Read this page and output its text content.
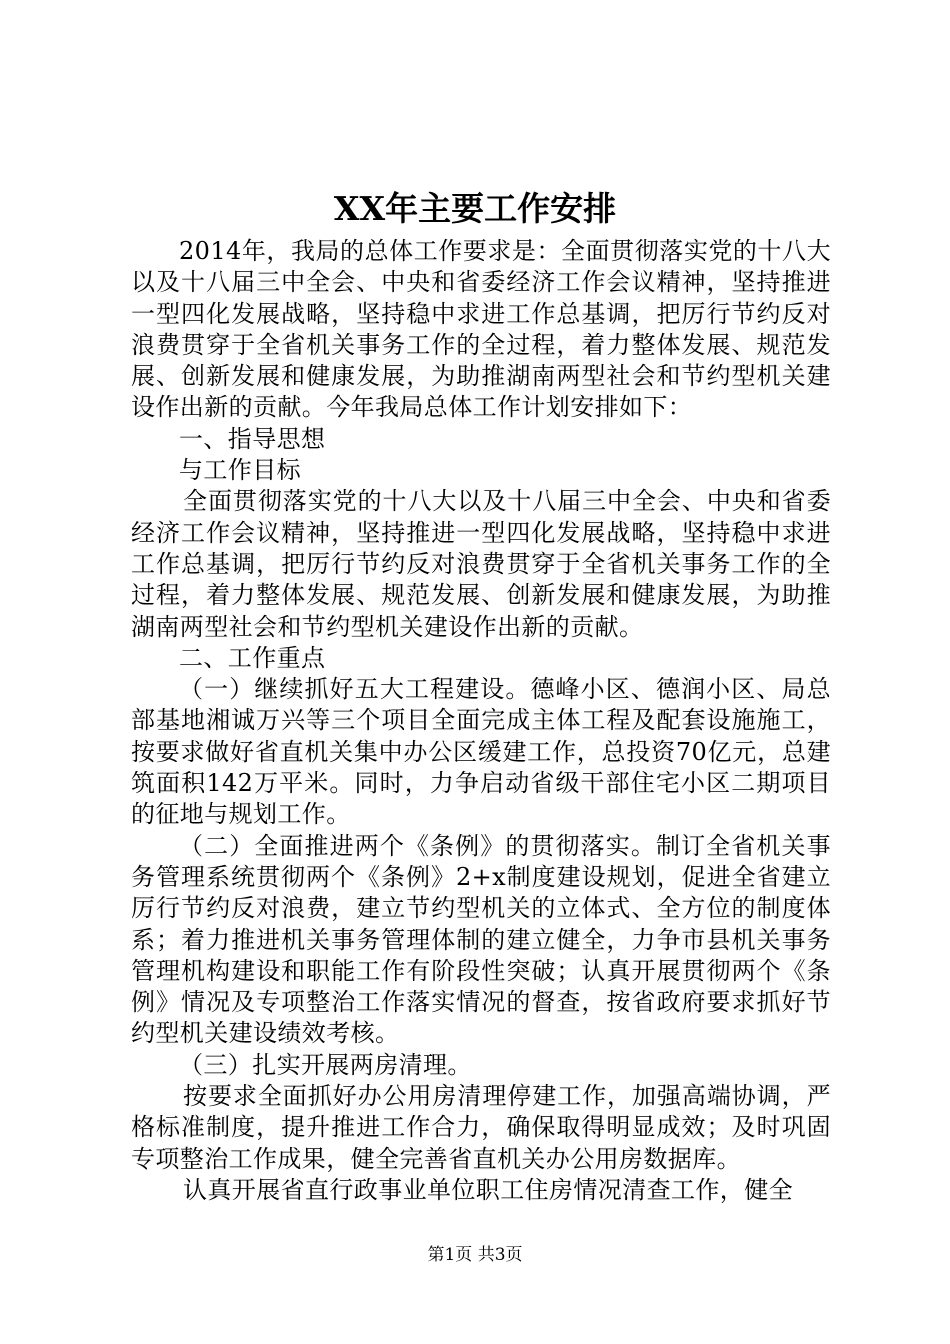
XX年主要工作安排

2014年，我局的总体工作要求是：全面贯彻落实党的十八大以及十八届三中全会、中央和省委经济工作会议精神，坚持推进一型四化发展战略，坚持稳中求进工作总基调，把厉行节约反对浪费贯穿于全省机关事务工作的全过程，着力整体发展、规范发展、创新发展和健康发展，为助推湖南两型社会和节约型机关建设作出新的贡献。今年我局总体工作计划安排如下：

一、指导思想

与工作目标

全面贯彻落实党的十八大以及十八届三中全会、中央和省委经济工作会议精神，坚持推进一型四化发展战略，坚持稳中求进工作总基调，把厉行节约反对浪费贯穿于全省机关事务工作的全过程，着力整体发展、规范发展、创新发展和健康发展，为助推湖南两型社会和节约型机关建设作出新的贡献。

二、工作重点

（一）继续抓好五大工程建设。德峰小区、德润小区、局总部基地湘诚万兴等三个项目全面完成主体工程及配套设施施工，按要求做好省直机关集中办公区缓建工作，总投资70亿元，总建筑面积142万平米。同时，力争启动省级干部住宅小区二期项目的征地与规划工作。

（二）全面推进两个《条例》的贯彻落实。制订全省机关事务管理系统贯彻两个《条例》2+x制度建设规划，促进全省建立厉行节约反对浪费，建立节约型机关的立体式、全方位的制度体系；着力推进机关事务管理体制的建立健全，力争市县机关事务管理机构建设和职能工作有阶段性突破；认真开展贯彻两个《条例》情况及专项整治工作落实情况的督查，按省政府要求抓好节约型机关建设绩效考核。

（三）扎实开展两房清理。

按要求全面抓好办公用房清理停建工作，加强高端协调，严格标准制度，提升推进工作合力，确保取得明显成效；及时巩固专项整治工作成果，健全完善省直机关办公用房数据库。

认真开展省直行政事业单位职工住房情况清查工作，健全

第1页 共3页
